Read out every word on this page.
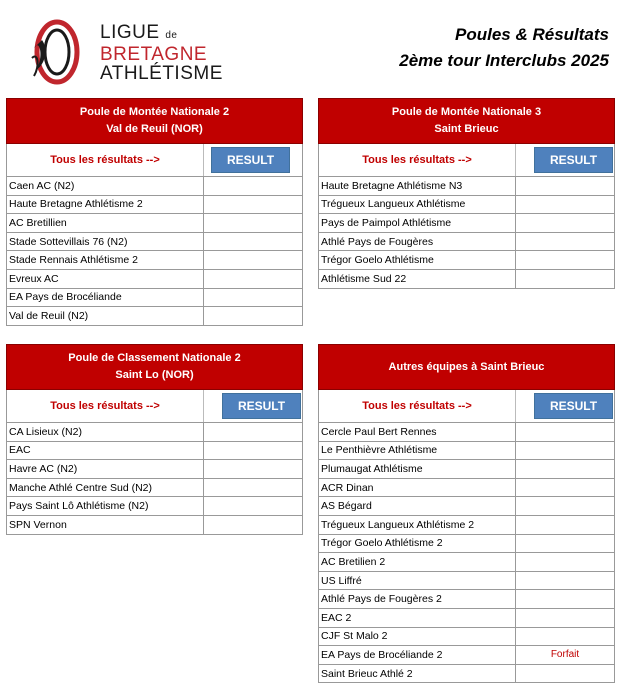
LIGUE de
BRETAGNE
ATHLÉTISME
Poules & Résultats
2ème tour Interclubs 2025
Poule de Montée Nationale 2
Val de Reuil (NOR)
Tous les résultats -->	RESULT
Caen AC (N2)
Haute Bretagne Athlétisme 2
AC Bretillien
Stade Sottevillais 76 (N2)
Stade Rennais Athlétisme 2
Evreux AC
EA Pays de Brocéliande
Val de Reuil (N2)
Poule de Montée Nationale 3
Saint Brieuc
Tous les résultats -->	RESULT
Haute Bretagne Athlétisme N3
Trégueux Langueux Athlétisme
Pays de Paimpol Athlétisme
Athlé Pays de Fougères
Trégor Goelo Athlétisme
Athlétisme Sud 22
Poule de Classement Nationale 2
Saint Lo (NOR)
Tous les résultats -->	RESULT
CA Lisieux (N2)
EAC
Havre AC (N2)
Manche Athlé Centre Sud (N2)
Pays Saint Lô Athlétisme (N2)
SPN Vernon
Autres équipes à Saint Brieuc
Tous les résultats -->	RESULT
Cercle Paul Bert Rennes
Le Penthièvre Athlétisme
Plumaugat Athlétisme
ACR Dinan
AS Bégard
Trégueux Langueux Athlétisme 2
Trégor Goelo Athlétisme 2
AC Bretilien 2
US Liffré
Athlé Pays de Fougères 2
EAC 2
CJF St Malo 2
EA Pays de Brocéliande 2	Forfait
Saint Brieuc Athlé 2
